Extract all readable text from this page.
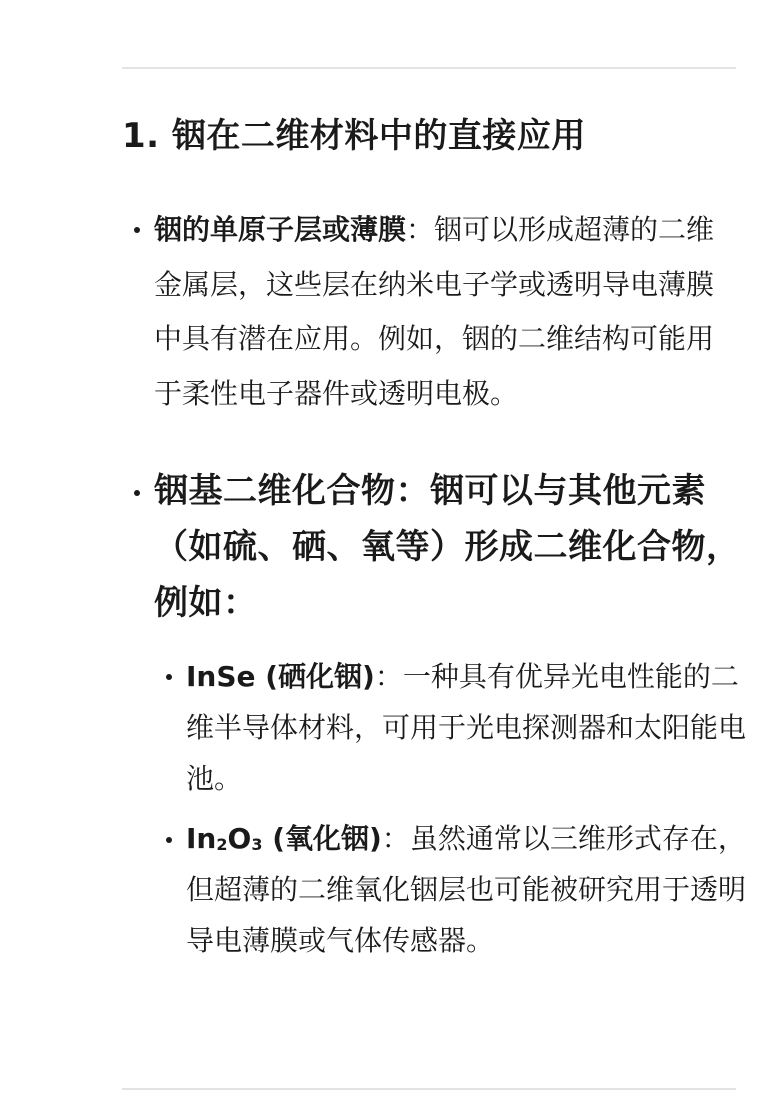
1. 铟在二维材料中的直接应用

铟的单原子层或薄膜：铟可以形成超薄的二维金属层，这些层在纳米电子学或透明导电薄膜中具有潜在应用。例如，铟的二维结构可能用于柔性电子器件或透明电极。

铟基二维化合物：铟可以与其他元素（如硫、硒、氧等）形成二维化合物，例如：

InSe (硒化铟)：一种具有优异光电性能的二维半导体材料，可用于光电探测器和太阳能电池。

$In_2O_3$ (氧化铟)：虽然通常以三维形式存在，但超薄的二维氧化铟层也可能被研究用于透明导电薄膜或气体传感器。
